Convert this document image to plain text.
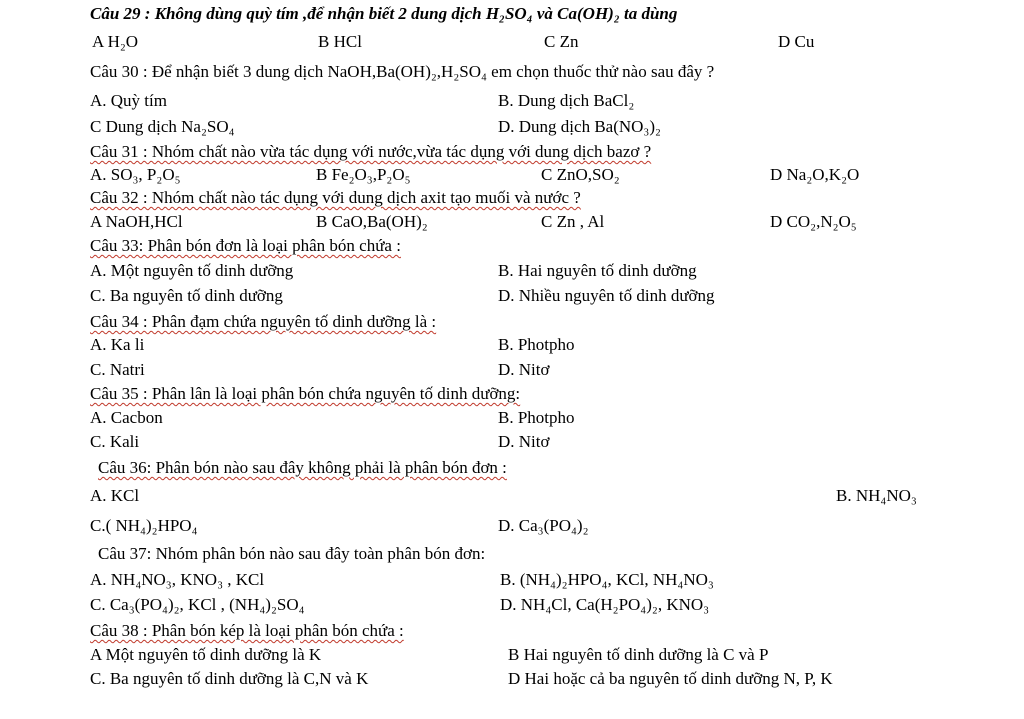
Câu 29 : Không dùng quỳ tím ,để nhận biết 2 dung dịch H₂SO₄ và Ca(OH)₂ ta dùng
A H₂O	B HCl	C Zn	D Cu
Câu 30 : Để nhận biết 3 dung dịch NaOH,Ba(OH)₂,H₂SO₄ em chọn thuốc thử nào sau đây ?
A. Quỳ tím	B. Dung dịch BaCl₂
C Dung dịch Na₂SO₄	D. Dung dịch Ba(NO₃)₂
Câu 31 : Nhóm chất nào vừa tác dụng với nước,vừa tác dụng với dung dịch bazơ ?
A. SO₃, P₂O₅	B Fe₂O₃,P₂O₅	C ZnO,SO₂	D Na₂O,K₂O
Câu 32 : Nhóm chất nào tác dụng với dung dịch axit tạo muối và nước ?
A NaOH,HCl	B CaO,Ba(OH)₂	C Zn , Al	D CO₂,N₂O₅
Câu 33: Phân bón đơn là loại phân bón chứa :
A. Một nguyên tố dinh dưỡng	B. Hai nguyên tố dinh dưỡng
C. Ba nguyên tố dinh dưỡng	D. Nhiều nguyên tố dinh dưỡng
Câu 34 : Phân đạm chứa nguyên tố dinh dưỡng là :
A. Ka li	B. Photpho
C. Natri	D. Nitơ
Câu 35 : Phân lân là loại phân bón chứa nguyên tố dinh dưỡng:
A. Cacbon	B. Photpho
C. Kali	D. Nitơ
Câu 36: Phân bón nào sau đây không phải là phân bón đơn :
A. KCl	B. NH₄NO₃
C.( NH₄)₂HPO₄	D. Ca₃(PO₄)₂
Câu 37: Nhóm phân bón nào sau đây toàn phân bón đơn:
A. NH₄NO₃, KNO₃ , KCl	B. (NH₄)₂HPO₄, KCl, NH₄NO₃
C. Ca₃(PO₄)₂, KCl , (NH₄)₂SO₄	D. NH₄Cl, Ca(H₂PO₄)₂, KNO₃
Câu 38 : Phân bón kép là loại phân bón chứa :
A Một nguyên tố dinh dưỡng là K	B Hai nguyên tố dinh dưỡng là C và P
C. Ba nguyên tố dinh dưỡng là C,N và K	D Hai hoặc cả ba nguyên tố dinh dưỡng N, P, K
